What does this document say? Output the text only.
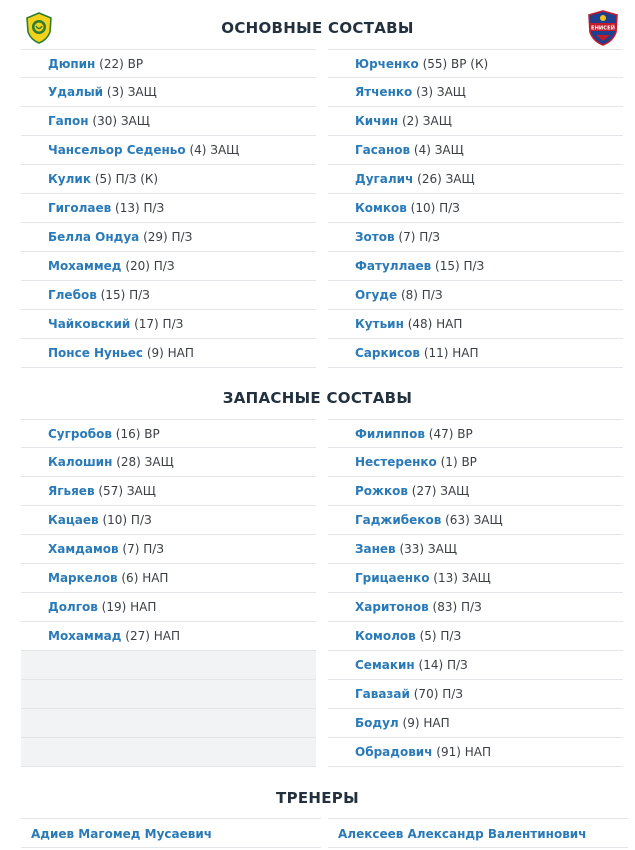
ЕНИСЕЙ
ОСНОВНЫЕ СОСТАВЫ
Дюпин (22) ВР
Удалый (3) ЗАЩ
Гапон (30) ЗАЩ
Чансельор Седеньо (4) ЗАЩ
Кулик (5) П/З (К)
Гиголаев (13) П/З
Белла Ондуа (29) П/З
Мохаммед (20) П/З
Глебов (15) П/З
Чайковский (17) П/З
Понсе Нуньес (9) НАП
Юрченко (55) ВР (К)
Ятченко (3) ЗАЩ
Кичин (2) ЗАЩ
Гасанов (4) ЗАЩ
Дугалич (26) ЗАЩ
Комков (10) П/З
Зотов (7) П/З
Фатуллаев (15) П/З
Огуде (8) П/З
Кутьин (48) НАП
Саркисов (11) НАП
ЗАПАСНЫЕ СОСТАВЫ
Сугробов (16) ВР
Калошин (28) ЗАЩ
Ягьяев (57) ЗАЩ
Кацаев (10) П/З
Хамдамов (7) П/З
Маркелов (6) НАП
Долгов (19) НАП
Мохаммад (27) НАП
Филиппов (47) ВР
Нестеренко (1) ВР
Рожков (27) ЗАЩ
Гаджибеков (63) ЗАЩ
Занев (33) ЗАЩ
Грицаенко (13) ЗАЩ
Харитонов (83) П/З
Комолов (5) П/З
Семакин (14) П/З
Гавазай (70) П/З
Бодул (9) НАП
Обрадович (91) НАП
ТРЕНЕРЫ
Адиев Магомед Мусаевич	Алексеев Александр Валентинович
